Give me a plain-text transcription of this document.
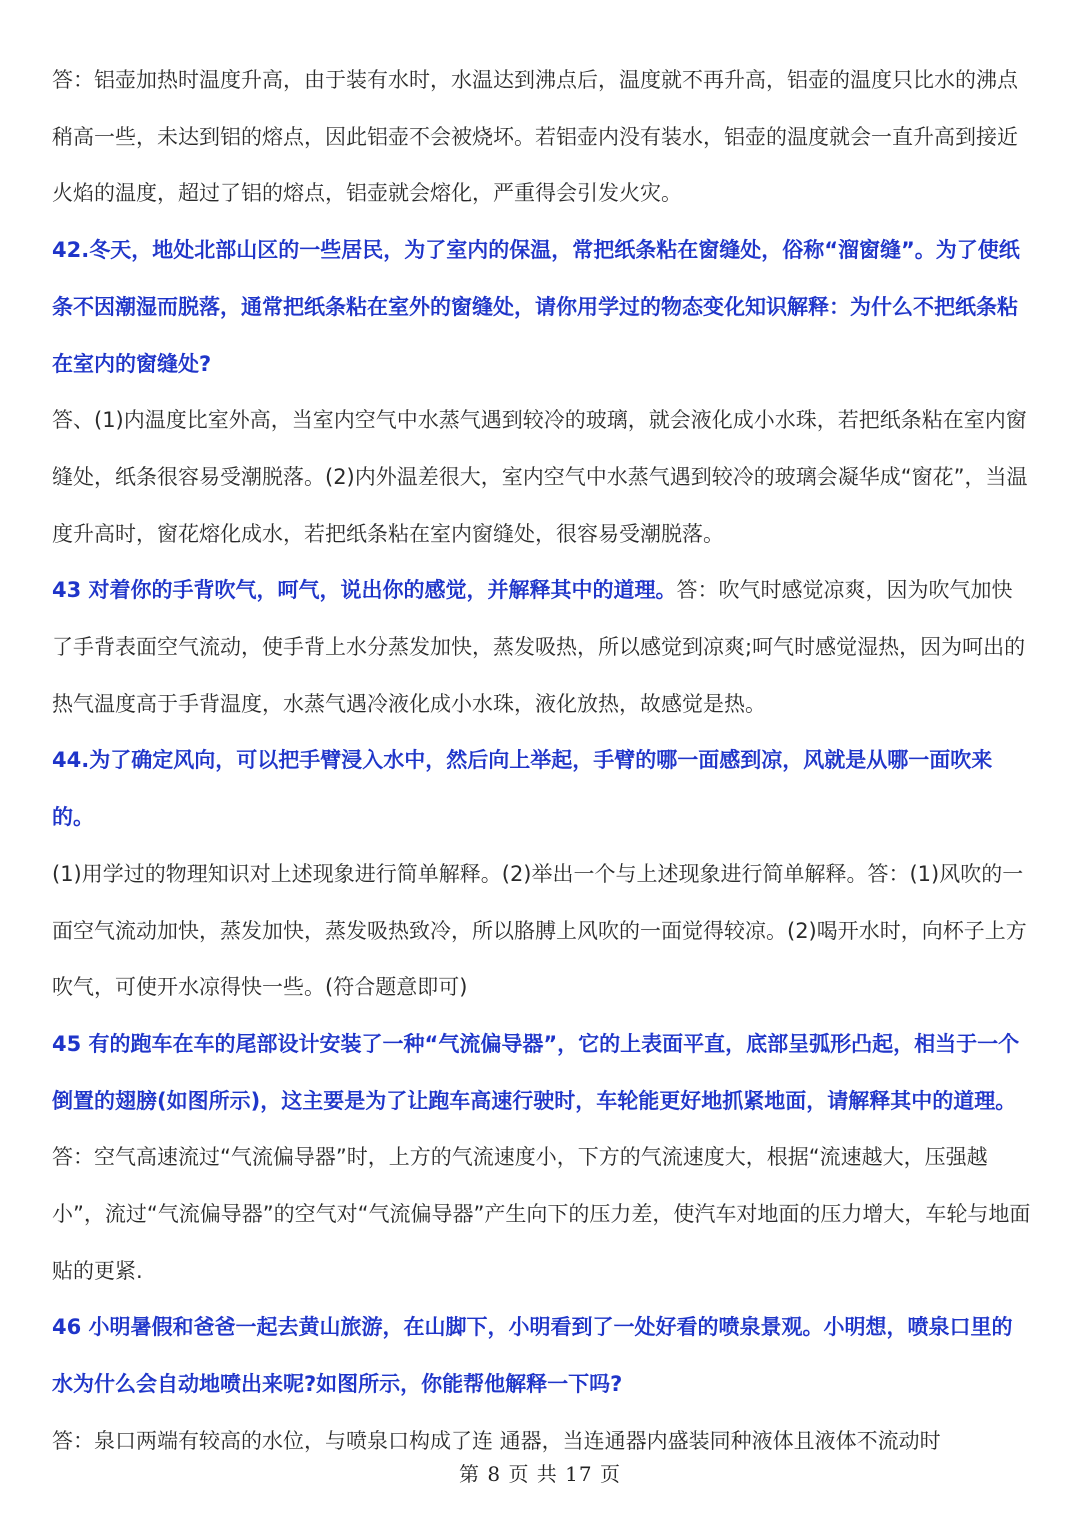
答：铝壶加热时温度升高，由于装有水时，水温达到沸点后，温度就不再升高，铝壶的温度只比水的沸点稍高一些，未达到铝的熔点，因此铝壶不会被烧坏。若铝壶内没有装水，铝壶的温度就会一直升高到接近火焰的温度，超过了铝的熔点，铝壶就会熔化，严重得会引发火灾。

42.冬天，地处北部山区的一些居民，为了室内的保温，常把纸条粘在窗缝处，俗称“溜窗缝”。为了使纸条不因潮湿而脱落，通常把纸条粘在室外的窗缝处，请你用学过的物态变化知识解释：为什么不把纸条粘在室内的窗缝处?

答、(1)内温度比室外高，当室内空气中水蒸气遇到较冷的玻璃，就会液化成小水珠，若把纸条粘在室内窗缝处，纸条很容易受潮脱落。(2)内外温差很大，室内空气中水蒸气遇到较冷的玻璃会凝华成“窗花”，当温度升高时，窗花熔化成水，若把纸条粘在室内窗缝处，很容易受潮脱落。

43 对着你的手背吹气，呵气，说出你的感觉，并解释其中的道理。答：吹气时感觉凉爽，因为吹气加快了手背表面空气流动，使手背上水分蒸发加快，蒸发吸热，所以感觉到凉爽;呵气时感觉湿热，因为呵出的热气温度高于手背温度，水蒸气遇冷液化成小水珠，液化放热，故感觉是热。

44.为了确定风向，可以把手臂浸入水中，然后向上举起，手臂的哪一面感到凉，风就是从哪一面吹来的。

(1)用学过的物理知识对上述现象进行简单解释。(2)举出一个与上述现象进行简单解释。答：(1)风吹的一面空气流动加快，蒸发加快，蒸发吸热致冷，所以胳膊上风吹的一面觉得较凉。(2)喝开水时，向杯子上方吹气，可使开水凉得快一些。(符合题意即可)

45 有的跑车在车的尾部设计安装了一种“气流偏导器”，它的上表面平直，底部呈弧形凸起，相当于一个倒置的翅膀(如图所示)，这主要是为了让跑车高速行驶时，车轮能更好地抓紧地面，请解释其中的道理。答：空气高速流过“气流偏导器”时，上方的气流速度小，下方的气流速度大，根据“流速越大，压强越小”，流过“气流偏导器”的空气对“气流偏导器”产生向下的压力差，使汽车对地面的压力增大，车轮与地面贴的更紧.

46 小明暑假和爸爸一起去黄山旅游，在山脚下，小明看到了一处好看的喷泉景观。小明想，喷泉口里的水为什么会自动地喷出来呢?如图所示，你能帮他解释一下吗?

答：泉口两端有较高的水位，与喷泉口构成了连 通器，当连通器内盛装同种液体且液体不流动时

第 8 页 共 17 页
